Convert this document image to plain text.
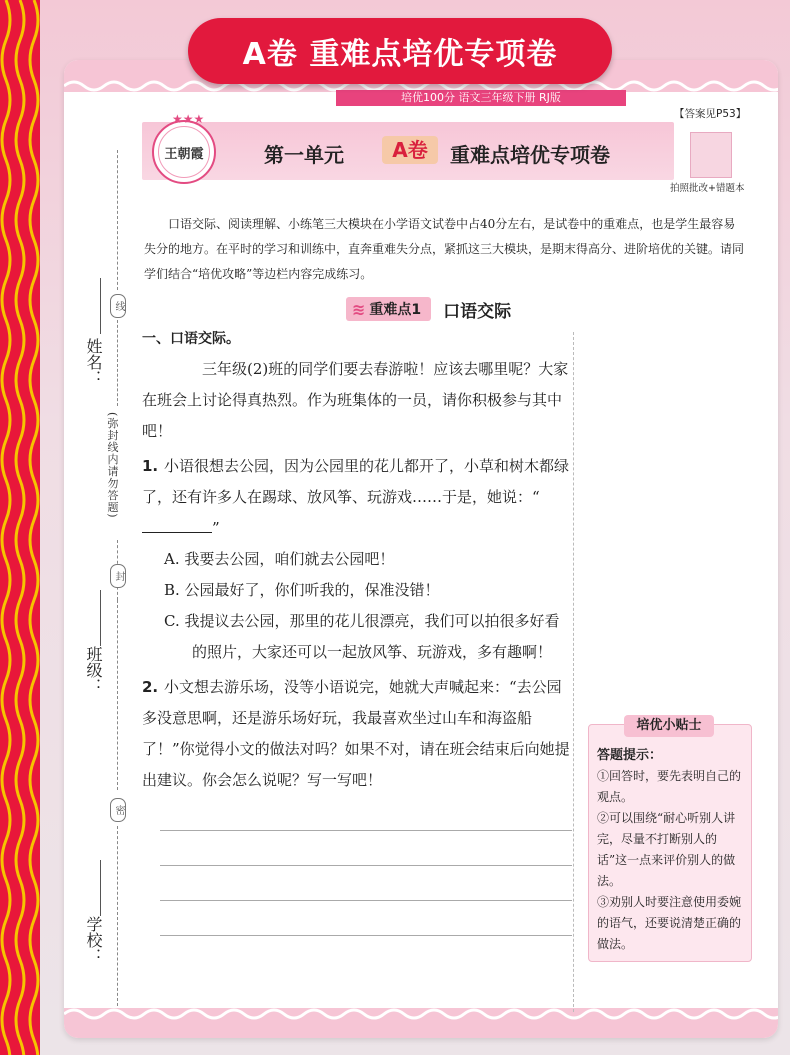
培优100分 语文三年级下册 RJ版
【答案见P53】
王朝霞
★★★
第一单元	A卷	重难点培优专项卷
拍照批改+错题本
口语交际、阅读理解、小练笔三大模块在小学语文试卷中占40分左右，是试卷中的重难点，也是学生最容易失分的地方。在平时的学习和训练中，直奔重难失分点，紧抓这三大模块，是期末得高分、进阶培优的关键。请同学们结合“培优攻略”等边栏内容完成练习。
≋ 重难点1 口语交际
一、口语交际。
三年级(2)班的同学们要去春游啦！应该去哪里呢？大家在班会上讨论得真热烈。作为班集体的一员，请你积极参与其中吧！
1. 小语很想去公园，因为公园里的花儿都开了，小草和树木都绿了，还有许多人在踢球、放风筝、玩游戏……于是，她说：“”
A. 我要去公园，咱们就去公园吧！
B. 公园最好了，你们听我的，保准没错！
C. 我提议去公园，那里的花儿很漂亮，我们可以拍很多好看的照片，大家还可以一起放风筝、玩游戏，多有趣啊！
2. 小文想去游乐场，没等小语说完，她就大声喊起来：“去公园多没意思啊，还是游乐场好玩，我最喜欢坐过山车和海盗船了！”你觉得小文的做法对吗？如果不对，请在班会结束后向她提出建议。你会怎么说呢？写一写吧！
培优小贴士
答题提示：
①回答时，要先表明自己的观点。
②可以围绕“耐心听别人讲完，尽量不打断别人的话”这一点来评价别人的做法。
③劝别人时要注意使用委婉的语气，还要说清楚正确的做法。
姓名：
线
(弥封线内请勿答题)
封
班级：
密
学校：
A卷 重难点培优专项卷
